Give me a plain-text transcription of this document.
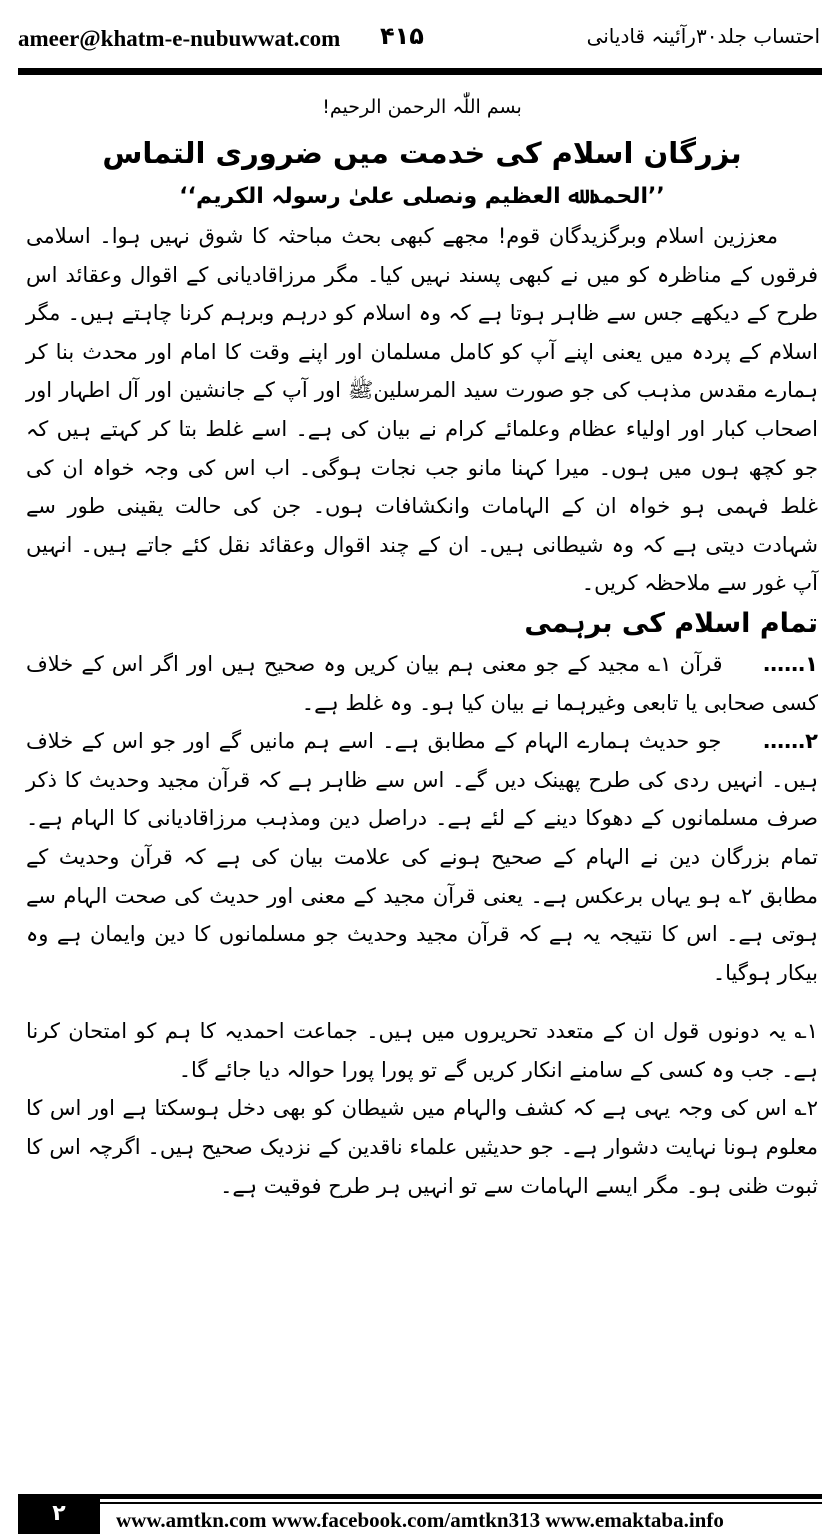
ameer@khatm-e-nubuwwat.com ۴۱۵	احتساب جلد۳۰رآئینہ قادیانی
بسم اللّٰہ الرحمن الرحیم!
بزرگان اسلام کی خدمت میں ضروری التماس
’’الحمد ﷲ العظیم ونصلی علیٰ رسولہ الکریم‘‘

معززین اسلام وبرگزیدگان قوم! مجھے کبھی بحث مباحثہ کا شوق نہیں ہوا۔ اسلامی فرقوں کے مناظرہ کو میں نے کبھی پسند نہیں کیا۔ مگر مرزاقادیانی کے اقوال وعقائد اس طرح کے دیکھے جس سے ظاہر ہوتا ہے کہ وہ اسلام کو درہم وبرہم کرنا چاہتے ہیں۔ مگر اسلام کے پردہ میں یعنی اپنے آپ کو کامل مسلمان اور اپنے وقت کا امام اور محدث بنا کر ہمارے مقدس مذہب کی جو صورت سید المرسلینﷺ اور آپ کے جانشین اور آل اطہار اور اصحاب کبار اور اولیاء عظام وعلمائے کرام نے بیان کی ہے۔ اسے غلط بتا کر کہتے ہیں کہ جو کچھ ہوں میں ہوں۔ میرا کہنا مانو جب نجات ہوگی۔ اب اس کی وجہ خواہ ان کی غلط فہمی ہو خواہ ان کے الہامات وانکشافات ہوں۔ جن کی حالت یقینی طور سے شہادت دیتی ہے کہ وہ شیطانی ہیں۔ ان کے چند اقوال وعقائد نقل کئے جاتے ہیں۔ انہیں آپ غور سے ملاحظہ کریں۔

تمام اسلام کی برہمی

۱……     قرآن ۱؎ مجید کے جو معنی ہم بیان کریں وہ صحیح ہیں اور اگر اس کے خلاف کسی صحابی یا تابعی وغیرہما نے بیان کیا ہو۔ وہ غلط ہے۔

۲……     جو حدیث ہمارے الہام کے مطابق ہے۔ اسے ہم مانیں گے اور جو اس کے خلاف ہیں۔ انہیں ردی کی طرح پھینک دیں گے۔ اس سے ظاہر ہے کہ قرآن مجید وحدیث کا ذکر صرف مسلمانوں کے دھوکا دینے کے لئے ہے۔ دراصل دین ومذہب مرزاقادیانی کا الہام ہے۔ تمام بزرگان دین نے الہام کے صحیح ہونے کی علامت بیان کی ہے کہ قرآن وحدیث کے مطابق ۲؎ ہو یہاں برعکس ہے۔ یعنی قرآن مجید کے معنی اور حدیث کی صحت الہام سے ہوتی ہے۔ اس کا نتیجہ یہ ہے کہ قرآن مجید وحدیث جو مسلمانوں کا دین وایمان ہے وہ بیکار ہوگیا۔

۱؎ یہ دونوں قول ان کے متعدد تحریروں میں ہیں۔ جماعت احمدیہ کا ہم کو امتحان کرنا ہے۔ جب وہ کسی کے سامنے انکار کریں گے تو پورا پورا حوالہ دیا جائے گا۔

۲؎ اس کی وجہ یہی ہے کہ کشف والہام میں شیطان کو بھی دخل ہوسکتا ہے اور اس کا معلوم ہونا نہایت دشوار ہے۔ جو حدیثیں علماء ناقدین کے نزدیک صحیح ہیں۔ اگرچہ اس کا ثبوت ظنی ہو۔ مگر ایسے الہامات سے تو انہیں ہر طرح فوقیت ہے۔

۲	www.amtkn.com www.facebook.com/amtkn313 www.emaktaba.info
